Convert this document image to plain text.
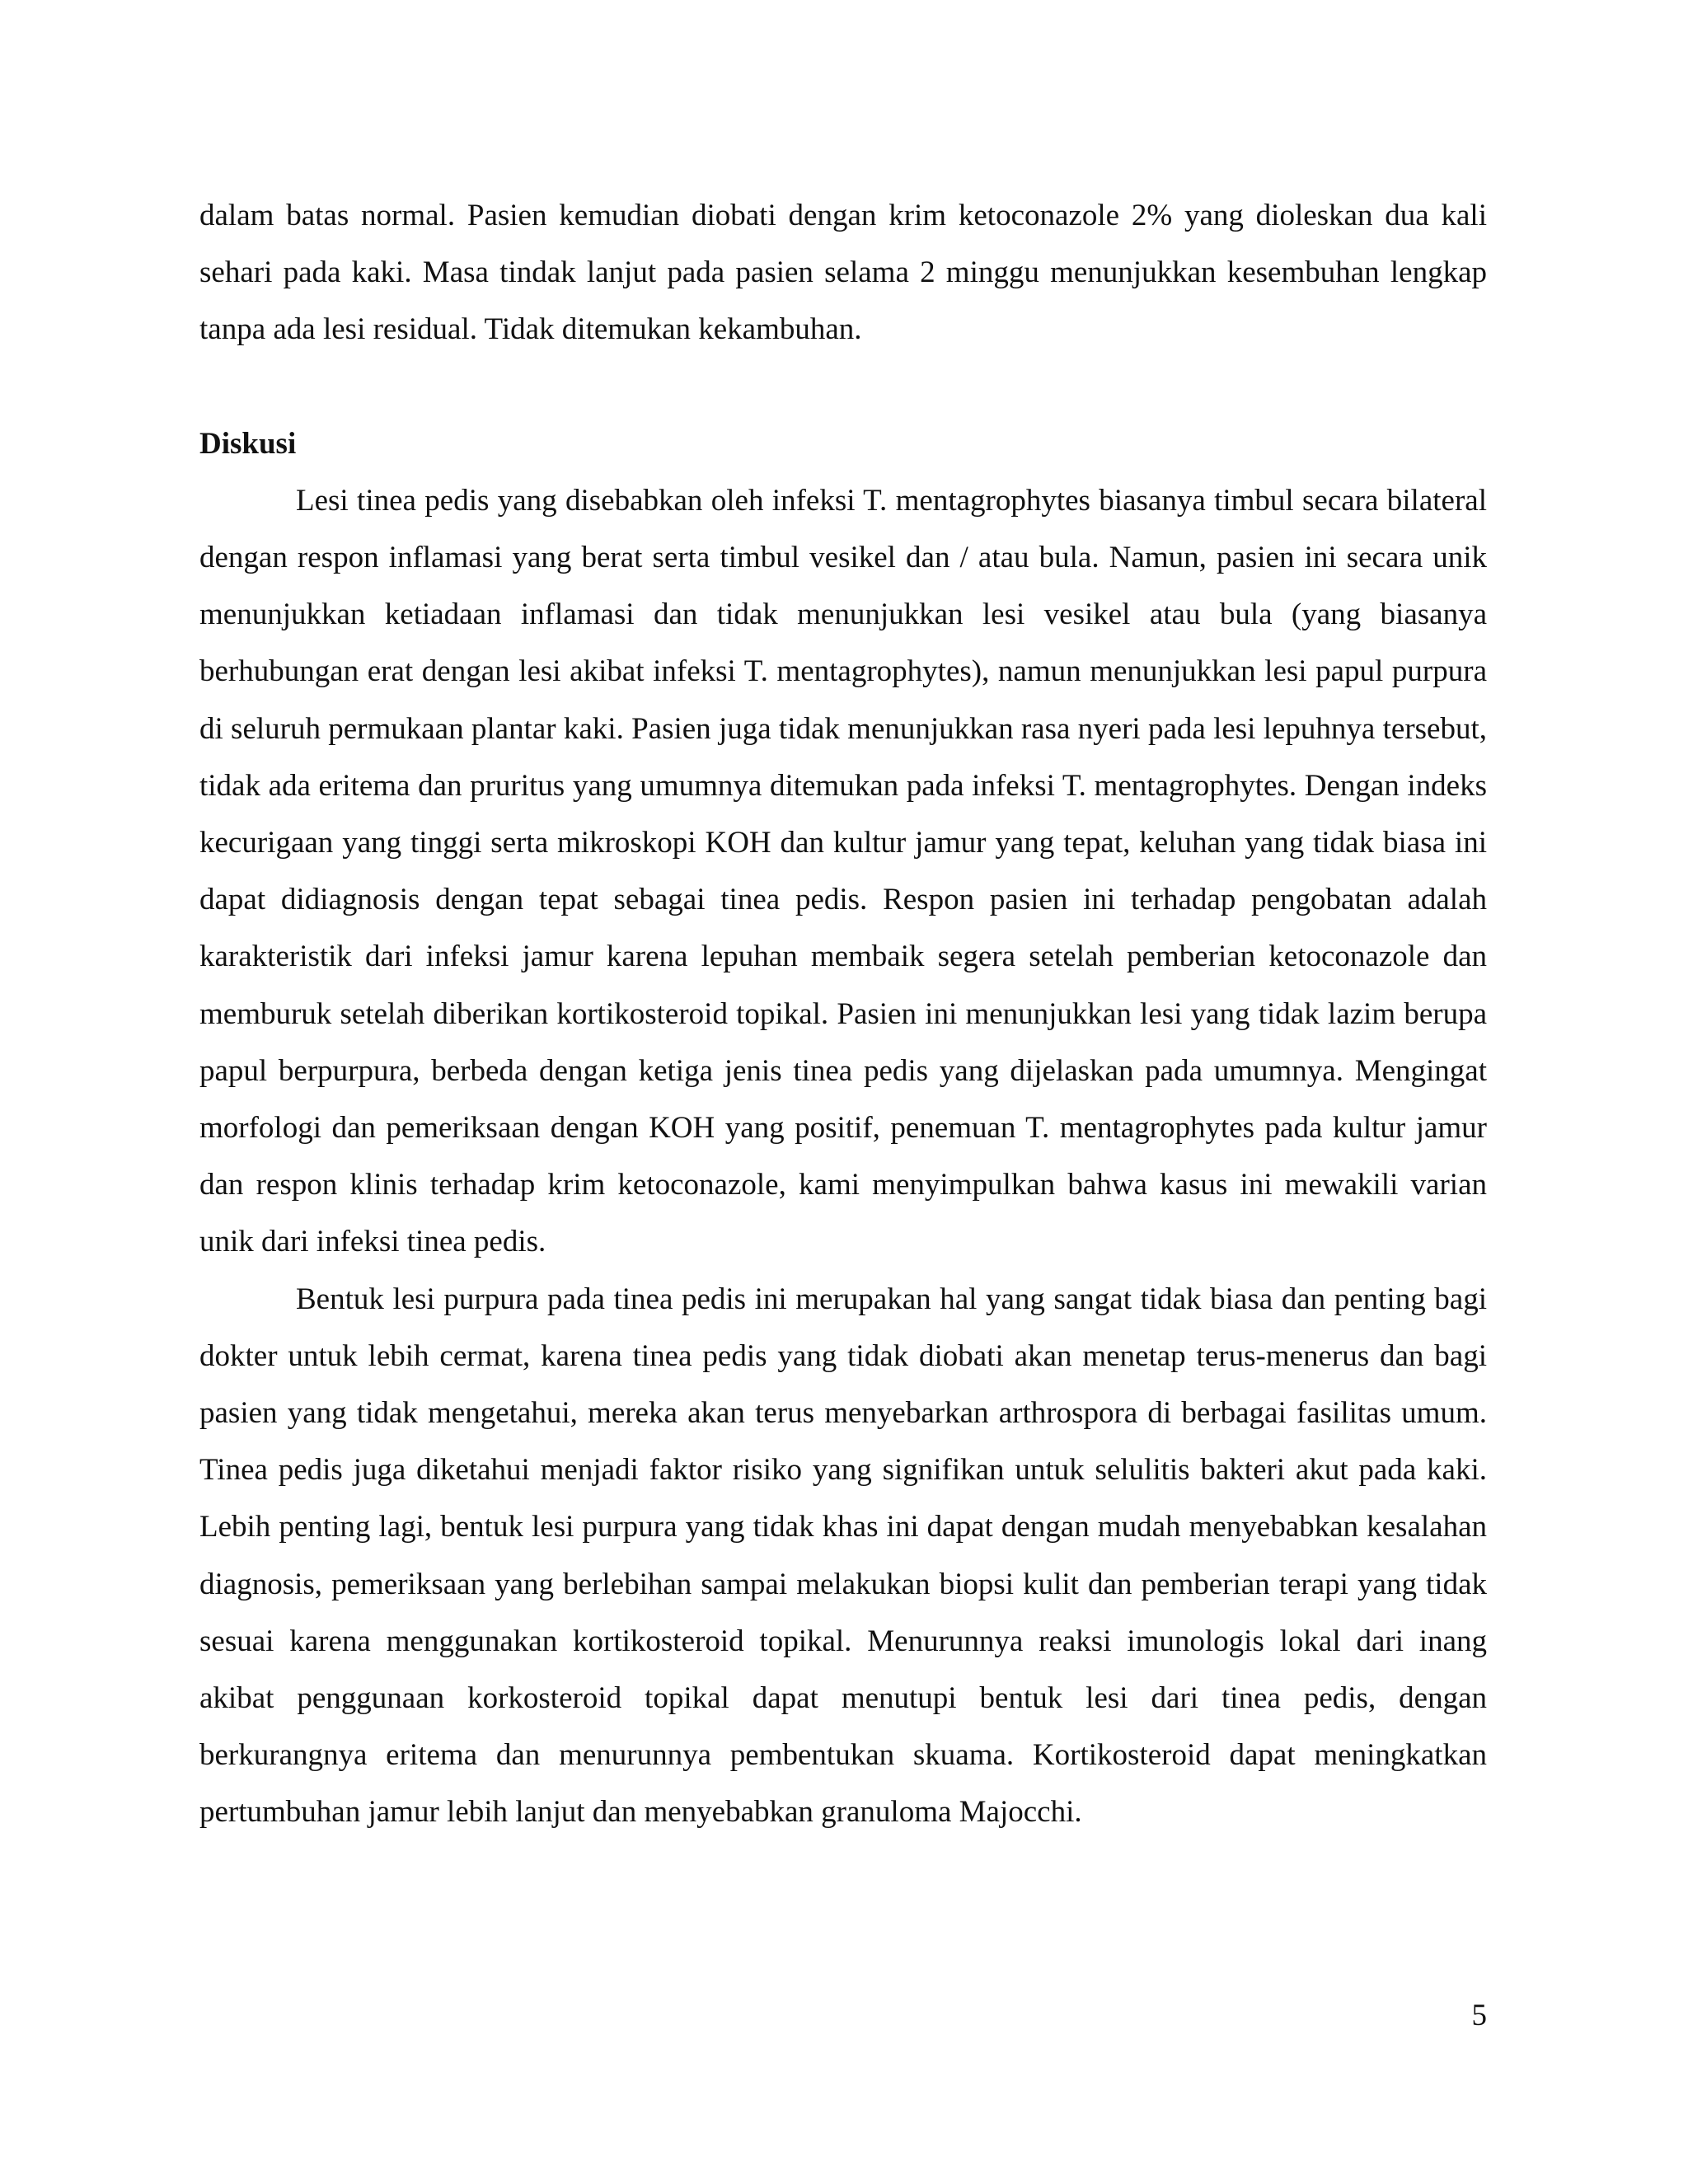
dalam batas normal. Pasien kemudian diobati dengan krim ketoconazole 2% yang dioleskan dua kali sehari pada kaki. Masa tindak lanjut pada pasien selama 2 minggu menunjukkan kesembuhan lengkap tanpa ada lesi residual. Tidak ditemukan kekambuhan.

Diskusi

Lesi tinea pedis yang disebabkan oleh infeksi T. mentagrophytes biasanya timbul secara bilateral dengan respon inflamasi yang berat serta timbul vesikel dan / atau bula. Namun, pasien ini secara unik menunjukkan ketiadaan inflamasi dan tidak menunjukkan lesi vesikel atau bula (yang biasanya berhubungan erat dengan lesi akibat infeksi T. mentagrophytes), namun menunjukkan lesi papul purpura di seluruh permukaan plantar kaki. Pasien juga tidak menunjukkan rasa nyeri pada lesi lepuhnya tersebut, tidak ada eritema dan pruritus yang umumnya ditemukan pada infeksi T. mentagrophytes. Dengan indeks kecurigaan yang tinggi serta mikroskopi KOH dan kultur jamur yang tepat, keluhan yang tidak biasa ini dapat didiagnosis dengan tepat sebagai tinea pedis. Respon pasien ini terhadap pengobatan adalah karakteristik dari infeksi jamur karena lepuhan membaik segera setelah pemberian ketoconazole dan memburuk setelah diberikan kortikosteroid topikal. Pasien ini menunjukkan lesi yang tidak lazim berupa papul berpurpura, berbeda dengan ketiga jenis tinea pedis yang dijelaskan pada umumnya. Mengingat morfologi dan pemeriksaan dengan KOH yang positif, penemuan T. mentagrophytes pada kultur jamur dan respon klinis terhadap krim ketoconazole, kami menyimpulkan bahwa kasus ini mewakili varian unik dari infeksi tinea pedis.

Bentuk lesi purpura pada tinea pedis ini merupakan hal yang sangat tidak biasa dan penting bagi dokter untuk lebih cermat, karena tinea pedis yang tidak diobati akan menetap terus-menerus dan bagi pasien yang tidak mengetahui, mereka akan terus menyebarkan arthrospora di berbagai fasilitas umum. Tinea pedis juga diketahui menjadi faktor risiko yang signifikan untuk selulitis bakteri akut pada kaki. Lebih penting lagi, bentuk lesi purpura yang tidak khas ini dapat dengan mudah menyebabkan kesalahan diagnosis, pemeriksaan yang berlebihan sampai melakukan biopsi kulit dan pemberian terapi yang tidak sesuai karena menggunakan kortikosteroid topikal. Menurunnya reaksi imunologis lokal dari inang akibat penggunaan korkosteroid topikal dapat menutupi bentuk lesi dari tinea pedis, dengan berkurangnya eritema dan menurunnya pembentukan skuama. Kortikosteroid dapat meningkatkan pertumbuhan jamur lebih lanjut dan menyebabkan granuloma Majocchi.

5
